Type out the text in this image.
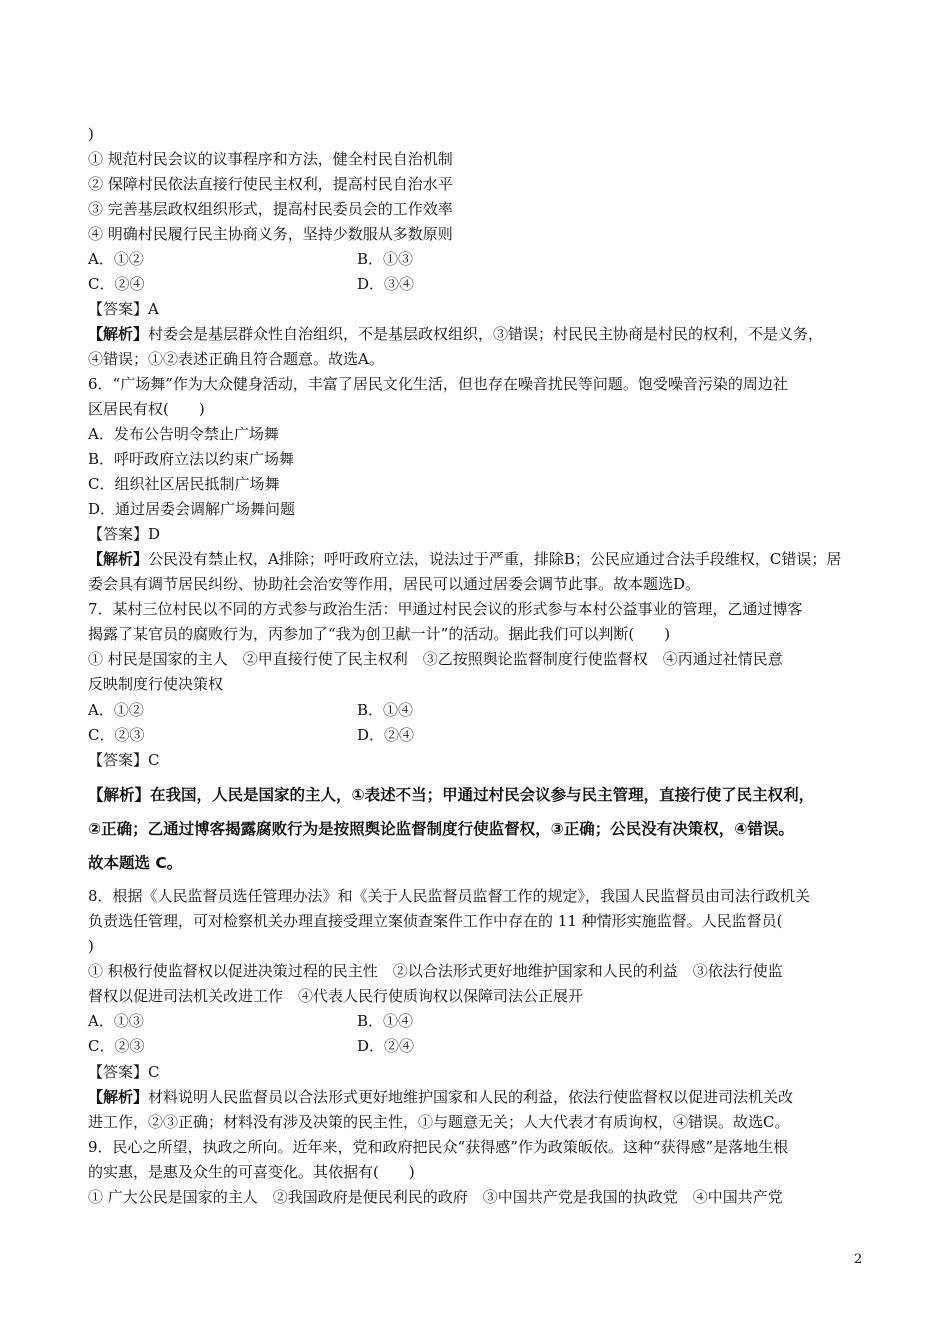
)
① 规范村民会议的议事程序和方法，健全村民自治机制
② 保障村民依法直接行使民主权利，提高村民自治水平
③ 完善基层政权组织形式，提高村民委员会的工作效率
④ 明确村民履行民主协商义务，坚持少数服从多数原则
A．①②	B．①③
C．②④	D．③④
【答案】A
【解析】村委会是基层群众性自治组织，不是基层政权组织，③错误；村民民主协商是村民的权利，不是义务，
④错误；①②表述正确且符合题意。故选A。
6．“广场舞”作为大众健身活动，丰富了居民文化生活，但也存在噪音扰民等问题。饱受噪音污染的周边社
区居民有权(　　)
A．发布公告明令禁止广场舞
B．呼吁政府立法以约束广场舞
C．组织社区居民抵制广场舞
D．通过居委会调解广场舞问题
【答案】D
【解析】公民没有禁止权，A排除；呼吁政府立法，说法过于严重，排除B；公民应通过合法手段维权，C错误；居
委会具有调节居民纠纷、协助社会治安等作用，居民可以通过居委会调节此事。故本题选D。
7．某村三位村民以不同的方式参与政治生活：甲通过村民会议的形式参与本村公益事业的管理，乙通过博客
揭露了某官员的腐败行为，丙参加了“我为创卫献一计”的活动。据此我们可以判断(　　)
① 村民是国家的主人　②甲直接行使了民主权利　③乙按照舆论监督制度行使监督权　④丙通过社情民意
反映制度行使决策权
A．①②	B．①④
C．②③	D．②④
【答案】C
【解析】在我国，人民是国家的主人，①表述不当；甲通过村民会议参与民主管理，直接行使了民主权利，
②正确；乙通过博客揭露腐败行为是按照舆论监督制度行使监督权，③正确；公民没有决策权，④错误。
故本题选 C。
8．根据《人民监督员选任管理办法》和《关于人民监督员监督工作的规定》，我国人民监督员由司法行政机关
负责选任管理，可对检察机关办理直接受理立案侦查案件工作中存在的 11 种情形实施监督。人民监督员(
)
① 积极行使监督权以促进决策过程的民主性　②以合法形式更好地维护国家和人民的利益　③依法行使监
督权以促进司法机关改进工作　④代表人民行使质询权以保障司法公正展开
A．①③	B．①④
C．②③	D．②④
【答案】C
【解析】材料说明人民监督员以合法形式更好地维护国家和人民的利益，依法行使监督权以促进司法机关改
进工作，②③正确；材料没有涉及决策的民主性，①与题意无关；人大代表才有质询权，④错误。故选C。
9．民心之所望，执政之所向。近年来，党和政府把民众“获得感”作为政策皈依。这种“获得感”是落地生根
的实惠，是惠及众生的可喜变化。其依据有(　　)
① 广大公民是国家的主人　②我国政府是便民利民的政府　③中国共产党是我国的执政党　④中国共产党
2
